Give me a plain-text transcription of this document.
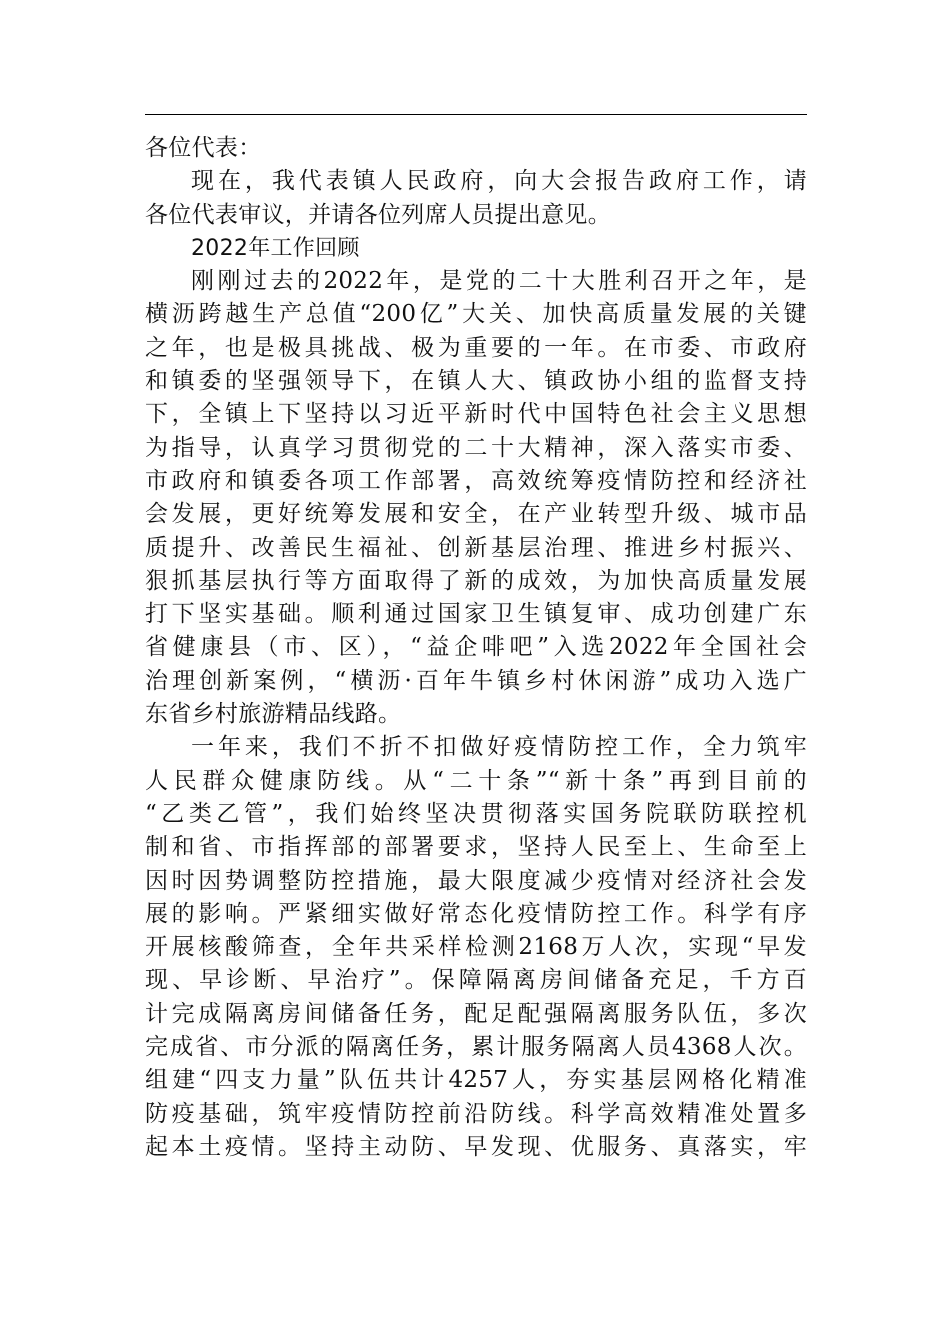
各位代表：
现在，我代表镇人民政府，向大会报告政府工作，请
各位代表审议，并请各位列席人员提出意见。
2022年工作回顾
刚刚过去的2022年，是党的二十大胜利召开之年，是
横沥跨越生产总值“200亿”大关、加快高质量发展的关键
之年，也是极具挑战、极为重要的一年。在市委、市政府
和镇委的坚强领导下，在镇人大、镇政协小组的监督支持
下，全镇上下坚持以习近平新时代中国特色社会主义思想
为指导，认真学习贯彻党的二十大精神，深入落实市委、
市政府和镇委各项工作部署，高效统筹疫情防控和经济社
会发展，更好统筹发展和安全，在产业转型升级、城市品
质提升、改善民生福祉、创新基层治理、推进乡村振兴、
狠抓基层执行等方面取得了新的成效，为加快高质量发展
打下坚实基础。顺利通过国家卫生镇复审、成功创建广东
省健康县（市、区），“益企啡吧”入选2022年全国社会
治理创新案例，“横沥·百年牛镇乡村休闲游”成功入选广
东省乡村旅游精品线路。
一年来，我们不折不扣做好疫情防控工作，全力筑牢
人民群众健康防线。从“二十条”“新十条”再到目前的
“乙类乙管”，我们始终坚决贯彻落实国务院联防联控机
制和省、市指挥部的部署要求，坚持人民至上、生命至上
因时因势调整防控措施，最大限度减少疫情对经济社会发
展的影响。严紧细实做好常态化疫情防控工作。科学有序
开展核酸筛查，全年共采样检测2168万人次，实现“早发
现、早诊断、早治疗”。保障隔离房间储备充足，千方百
计完成隔离房间储备任务，配足配强隔离服务队伍，多次
完成省、市分派的隔离任务，累计服务隔离人员4368人次。
组建“四支力量”队伍共计4257人，夯实基层网格化精准
防疫基础，筑牢疫情防控前沿防线。科学高效精准处置多
起本土疫情。坚持主动防、早发现、优服务、真落实，牢
